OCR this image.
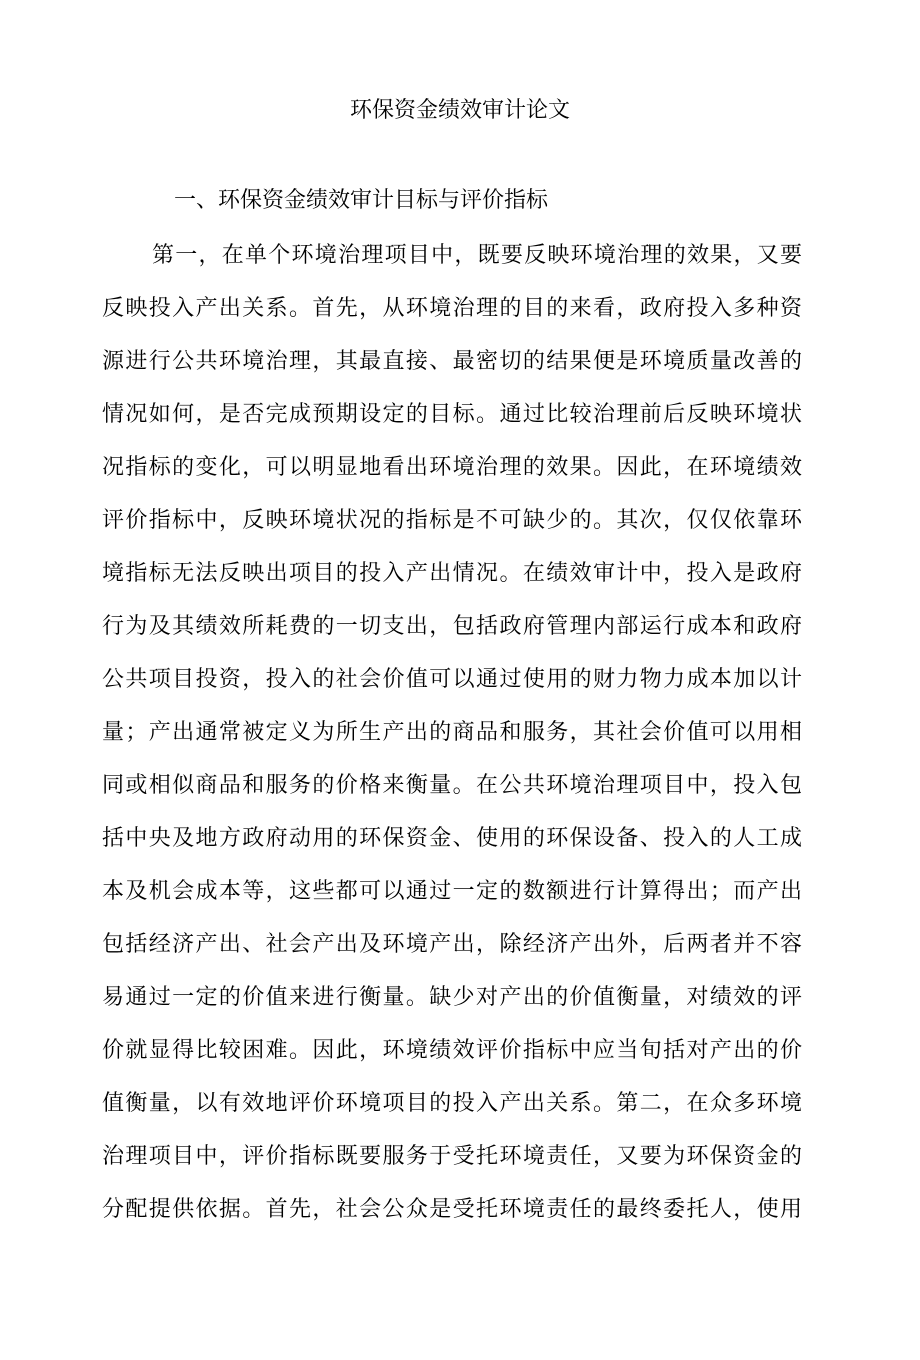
环保资金绩效审计论文
一、环保资金绩效审计目标与评价指标
第一，在单个环境治理项目中，既要反映环境治理的效果，又要
反映投入产出关系。首先，从环境治理的目的来看，政府投入多种资
源进行公共环境治理，其最直接、最密切的结果便是环境质量改善的
情况如何，是否完成预期设定的目标。通过比较治理前后反映环境状
况指标的变化，可以明显地看出环境治理的效果。因此，在环境绩效
评价指标中，反映环境状况的指标是不可缺少的。其次，仅仅依靠环
境指标无法反映出项目的投入产出情况。在绩效审计中，投入是政府
行为及其绩效所耗费的一切支出，包括政府管理内部运行成本和政府
公共项目投资，投入的社会价值可以通过使用的财力物力成本加以计
量；产出通常被定义为所生产出的商品和服务，其社会价值可以用相
同或相似商品和服务的价格来衡量。在公共环境治理项目中，投入包
括中央及地方政府动用的环保资金、使用的环保设备、投入的人工成
本及机会成本等，这些都可以通过一定的数额进行计算得出；而产出
包括经济产出、社会产出及环境产出，除经济产出外，后两者并不容
易通过一定的价值来进行衡量。缺少对产出的价值衡量，对绩效的评
价就显得比较困难。因此，环境绩效评价指标中应当旬括对产出的价
值衡量，以有效地评价环境项目的投入产出关系。第二，在众多环境
治理项目中，评价指标既要服务于受托环境责任，又要为环保资金的
分配提供依据。首先，社会公众是受托环境责任的最终委托人，使用
